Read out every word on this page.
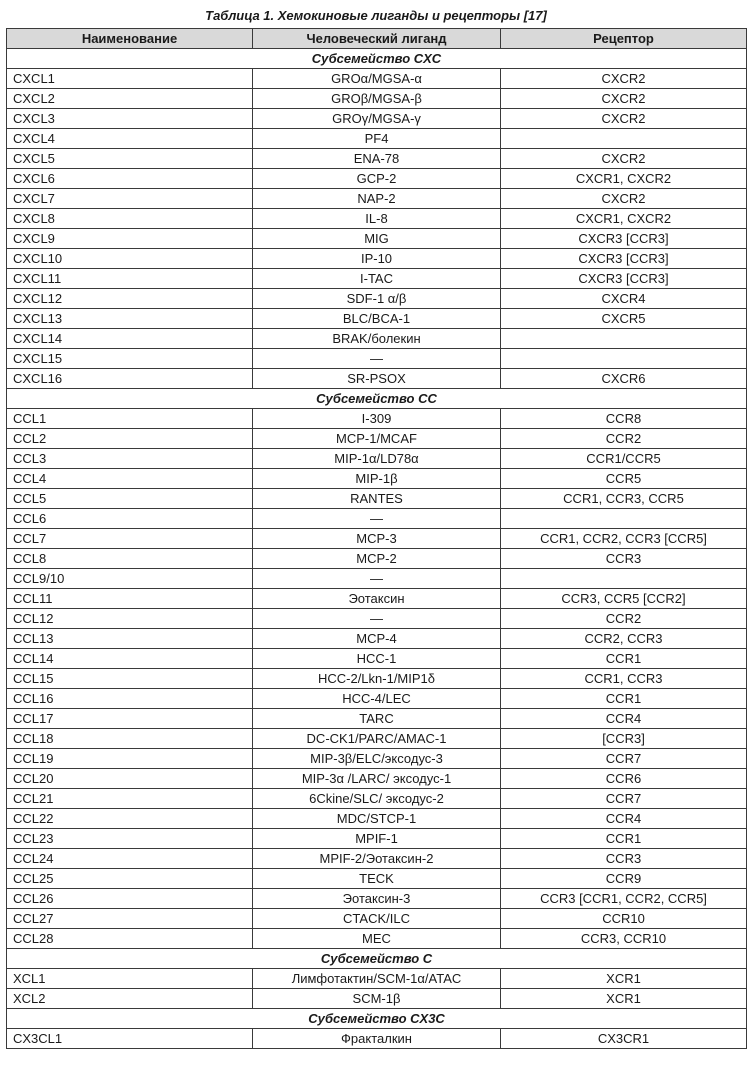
Таблица 1. Хемокиновые лиганды и рецепторы [17]
Наименование	Человеческий лиганд	Рецептор
Субсемейство CXC		
CXCL1	GROα/MGSA-α	CXCR2
CXCL2	GROβ/MGSA-β	CXCR2
CXCL3	GROγ/MGSA-γ	CXCR2
CXCL4	PF4	
CXCL5	ENA-78	CXCR2
CXCL6	GCP-2	CXCR1, CXCR2
CXCL7	NAP-2	CXCR2
CXCL8	IL-8	CXCR1, CXCR2
CXCL9	MIG	CXCR3 [CCR3]
CXCL10	IP-10	CXCR3 [CCR3]
CXCL11	I-TAC	CXCR3 [CCR3]
CXCL12	SDF-1 α/β	CXCR4
CXCL13	BLC/BCA-1	CXCR5
CXCL14	BRAK/болекин	
CXCL15	—	
CXCL16	SR-PSOX	CXCR6
Субсемейство CC		
CCL1	I-309	CCR8
CCL2	MCP-1/MCAF	CCR2
CCL3	MIP-1α/LD78α	CCR1/CCR5
CCL4	MIP-1β	CCR5
CCL5	RANTES	CCR1, CCR3, CCR5
CCL6	—	
CCL7	MCP-3	CCR1, CCR2, CCR3 [CCR5]
CCL8	MCP-2	CCR3
CCL9/10	—	
CCL11	Эотаксин	CCR3, CCR5 [CCR2]
CCL12	—	CCR2
CCL13	MCP-4	CCR2, CCR3
CCL14	HCC-1	CCR1
CCL15	HCC-2/Lkn-1/MIP1δ	CCR1, CCR3
CCL16	HCC-4/LEC	CCR1
CCL17	TARC	CCR4
CCL18	DC-CK1/PARC/AMAC-1	[CCR3]
CCL19	MIP-3β/ELC/эксодус-3	CCR7
CCL20	MIP-3α /LARC/ эксодус-1	CCR6
CCL21	6Ckine/SLC/ эксодус-2	CCR7
CCL22	MDC/STCP-1	CCR4
CCL23	MPIF-1	CCR1
CCL24	MPIF-2/Эотаксин-2	CCR3
CCL25	TECK	CCR9
CCL26	Эотаксин-3	CCR3 [CCR1, CCR2, CCR5]
CCL27	CTACK/ILC	CCR10
CCL28	MEC	CCR3, CCR10
Субсемейство C		
XCL1	Лимфотактин/SCM-1α/ATAC	XCR1
XCL2	SCM-1β	XCR1
Субсемейство CX3C		
CX3CL1	Фракталкин	CX3CR1
